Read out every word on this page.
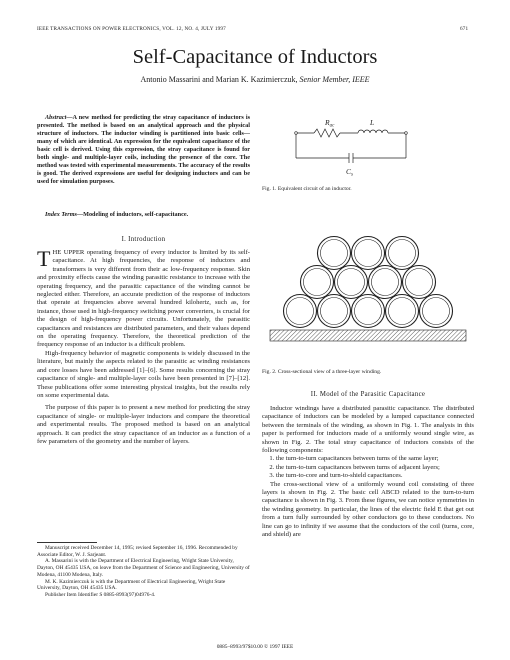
IEEE TRANSACTIONS ON POWER ELECTRONICS, VOL. 12, NO. 4, JULY 1997	671
Self-Capacitance of Inductors
Antonio Massarini and Marian K. Kazimierczuk, Senior Member, IEEE

Abstract—A new method for predicting the stray capacitance of inductors is presented. The method is based on an analytical approach and the physical structure of inductors. The inductor winding is partitioned into basic cells—many of which are identical. An expression for the equivalent capacitance of the basic cell is derived. Using this expression, the stray capacitance is found for both single- and multiple-layer coils, including the presence of the core. The method was tested with experimental measurements. The accuracy of the results is good. The derived expressions are useful for designing inductors and can be used for simulation purposes.

Index Terms—Modeling of inductors, self-capacitance.

I. Introduction

THE UPPER operating frequency of every inductor is limited by its self-capacitance. At high frequencies, the response of inductors and transformers is very different from their ac low-frequency response. Skin and proximity effects cause the winding parasitic resistance to increase with the operating frequency, and the parasitic capacitance of the winding cannot be neglected either. Therefore, an accurate prediction of the response of inductors that operate at frequencies above several hundred kilohertz, such as, for instance, those used in high-frequency switching power converters, is crucial for the design of high-frequency power circuits. Unfortunately, the parasitic capacitances and resistances are distributed parameters, and their values depend on the operating frequency. Therefore, the theoretical prediction of the frequency response of an inductor is a difficult problem.

High-frequency behavior of magnetic components is widely discussed in the literature, but mainly the aspects related to the parasitic ac winding resistances and core losses have been addressed [1]–[6]. Some results concerning the stray capacitance of single- and multiple-layer coils have been presented in [7]–[12]. These publications offer some interesting physical insights, but the results rely on some experimental data.

The purpose of this paper is to present a new method for predicting the stray capacitance of single- or multiple-layer inductors and compare the theoretical and experimental results. The proposed method is based on an analytical approach. It can predict the stray capacitance of an inductor as a function of a few parameters of the geometry and the number of layers.

Manuscript received December 14, 1995; revised September 16, 1996. Recommended by Associate Editor, W. J. Sarjeant.

A. Massarini is with the Department of Electrical Engineering, Wright State University, Dayton, OH 45435 USA, on leave from the Department of Science and Engineering, University of Modena, 41100 Modena, Italy.

M. K. Kazimierczuk is with the Department of Electrical Engineering, Wright State University, Dayton, OH 45435 USA.

Publisher Item Identifier S 0885-8993(97)04976-4.

$R_{ac}$	L
$C_s$
Fig. 1. Equivalent circuit of an inductor.
Fig. 2. Cross-sectional view of a three-layer winding.
II. Model of the Parasitic Capacitance

Inductor windings have a distributed parasitic capacitance. The distributed capacitance of inductors can be modeled by a lumped capacitance connected between the terminals of the winding, as shown in Fig. 1. The analysis in this paper is performed for inductors made of a uniformly wound single wire, as shown in Fig. 2. The total stray capacitance of inductors consists of the following components:

1. the turn-to-turn capacitances between turns of the same layer;
2. the turn-to-turn capacitances between turns of adjacent layers;
3. the turn-to-core and turn-to-shield capacitances.

The cross-sectional view of a uniformly wound coil consisting of three layers is shown in Fig. 2. The basic cell ABCD related to the turn-to-turn capacitance is shown in Fig. 3. From these figures, we can notice symmetries in the winding geometry. In particular, the lines of the electric field E that get out from a turn fully surrounded by other conductors go to these conductors. No line can go to infinity if we assume that the conductors of the coil (turns, core, and shield) are

0885–8993/97$10.00 © 1997 IEEE
